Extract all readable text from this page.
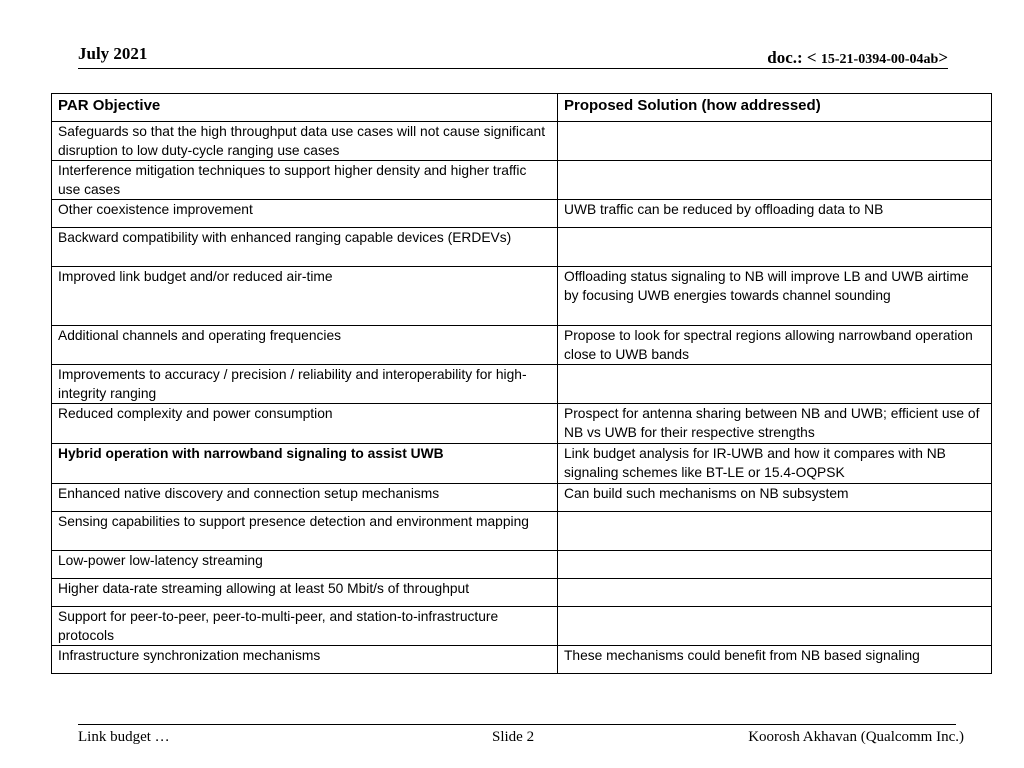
July 2021	doc.: < 15-21-0394-00-04ab>
PAR Objective	Proposed Solution (how addressed)
Safeguards so that the high throughput data use cases will not cause significant disruption to low duty-cycle ranging use cases	
Interference mitigation techniques to support higher density and higher traffic use cases	
Other coexistence improvement	UWB traffic can be reduced by offloading data to NB
Backward compatibility with enhanced ranging capable devices (ERDEVs)	
Improved link budget and/or reduced air-time	Offloading status signaling to NB will improve LB and UWB airtime by focusing UWB energies towards channel sounding
Additional channels and operating frequencies	Propose to look for spectral regions allowing narrowband operation close to UWB bands
Improvements to accuracy / precision / reliability and interoperability for high-integrity ranging	
Reduced complexity and power consumption	Prospect for antenna sharing between NB and UWB; efficient use of NB vs UWB for their respective strengths
Hybrid operation with narrowband signaling to assist UWB	Link budget analysis for IR-UWB and how it compares with NB signaling schemes like BT-LE or 15.4-OQPSK
Enhanced native discovery and connection setup mechanisms	Can build such mechanisms on NB subsystem
Sensing capabilities to support presence detection and environment mapping	
Low-power low-latency streaming	
Higher data-rate streaming allowing at least 50 Mbit/s of throughput	
Support for peer-to-peer, peer-to-multi-peer, and station-to-infrastructure protocols	
Infrastructure synchronization mechanisms	These mechanisms could benefit from NB based signaling
Link budget …	Slide 2	Koorosh Akhavan (Qualcomm Inc.)
